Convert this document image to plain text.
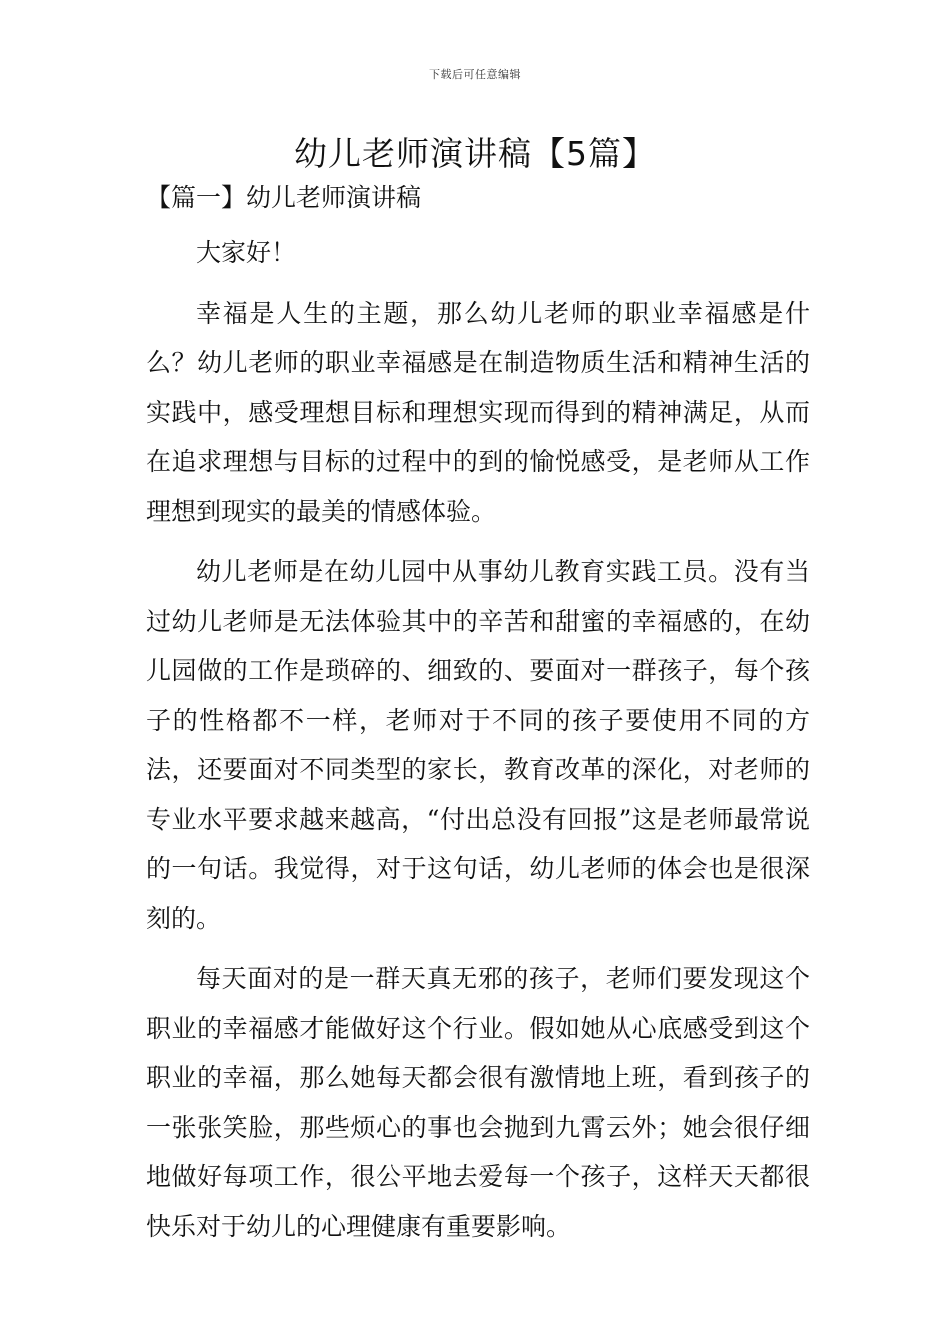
下载后可任意编辑
幼儿老师演讲稿【5篇】
【篇一】幼儿老师演讲稿

大家好！

幸福是人生的主题，那么幼儿老师的职业幸福感是什么？幼儿老师的职业幸福感是在制造物质生活和精神生活的实践中，感受理想目标和理想实现而得到的精神满足，从而在追求理想与目标的过程中的到的愉悦感受，是老师从工作理想到现实的最美的情感体验。

幼儿老师是在幼儿园中从事幼儿教育实践工员。没有当过幼儿老师是无法体验其中的辛苦和甜蜜的幸福感的，在幼儿园做的工作是琐碎的、细致的、要面对一群孩子，每个孩子的性格都不一样，老师对于不同的孩子要使用不同的方法，还要面对不同类型的家长，教育改革的深化，对老师的专业水平要求越来越高，“付出总没有回报”这是老师最常说的一句话。我觉得，对于这句话，幼儿老师的体会也是很深刻的。

每天面对的是一群天真无邪的孩子，老师们要发现这个职业的幸福感才能做好这个行业。假如她从心底感受到这个职业的幸福，那么她每天都会很有激情地上班，看到孩子的一张张笑脸，那些烦心的事也会抛到九霄云外；她会很仔细地做好每项工作，很公平地去爱每一个孩子，这样天天都很快乐对于幼儿的心理健康有重要影响。
